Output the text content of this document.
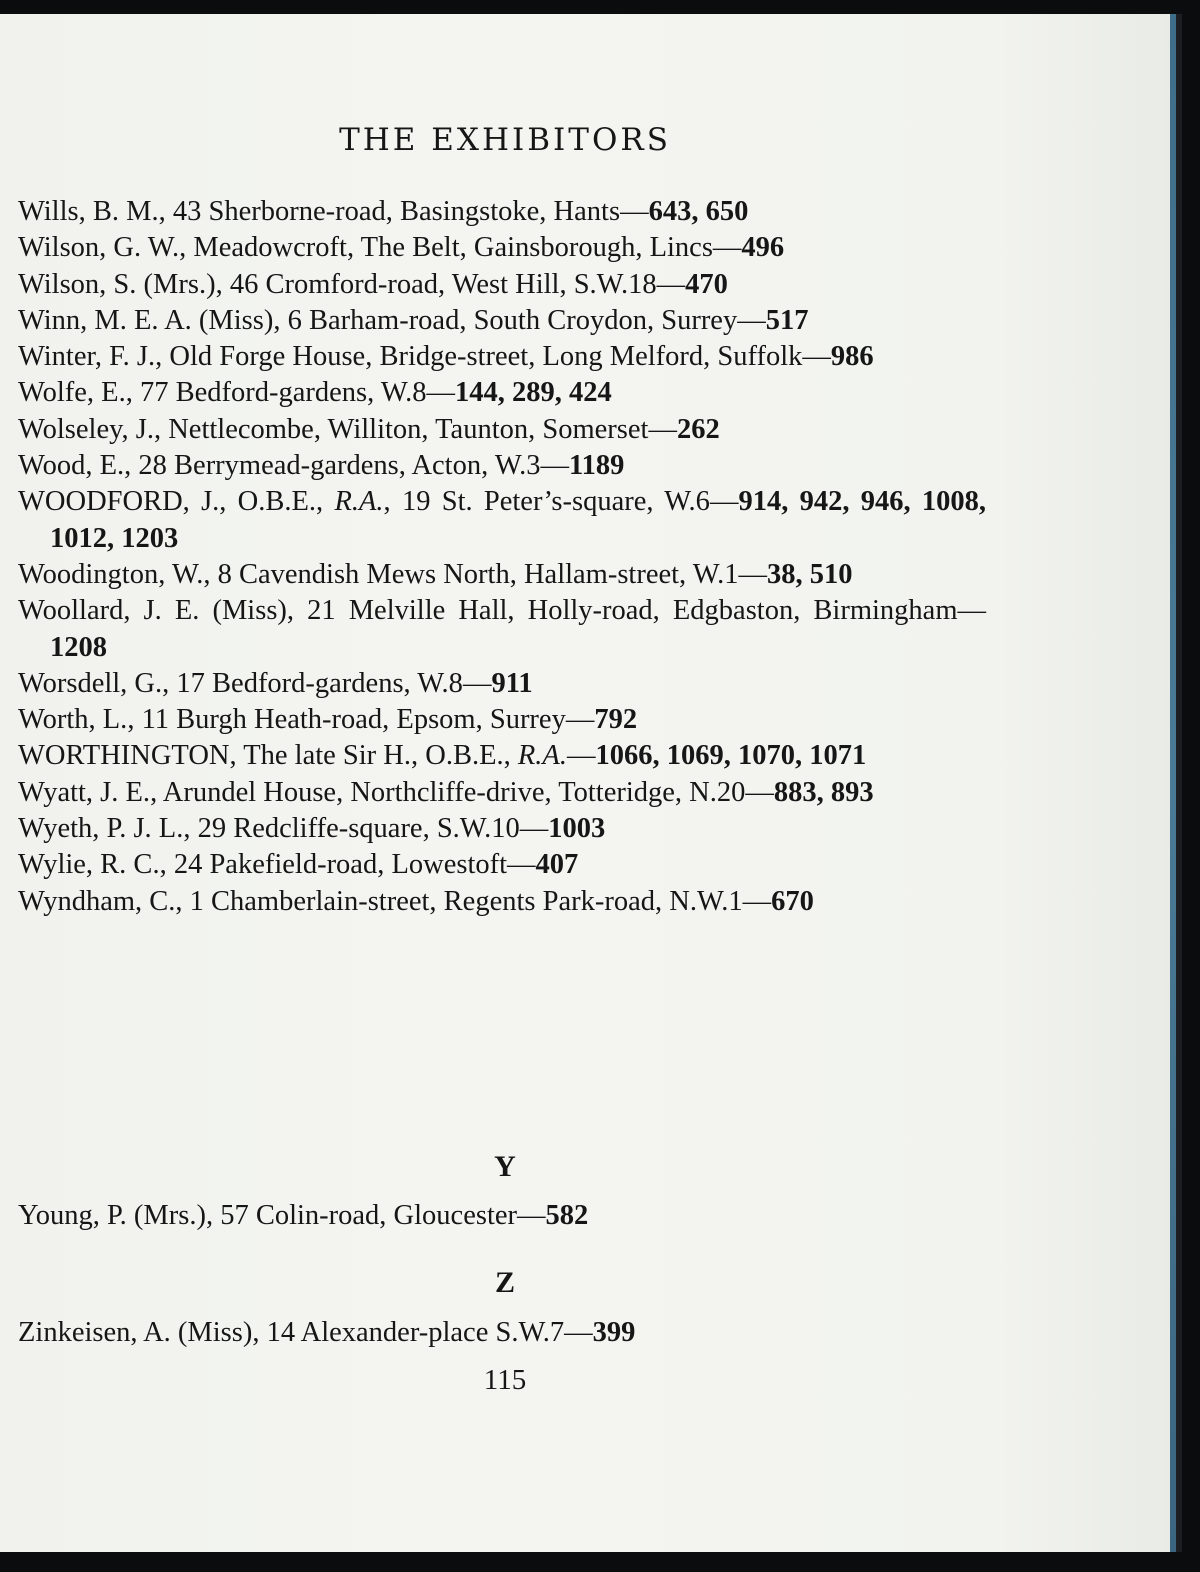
THE EXHIBITORS
Wills, B. M., 43 Sherborne-road, Basingstoke, Hants—643, 650
Wilson, G. W., Meadowcroft, The Belt, Gainsborough, Lincs—496
Wilson, S. (Mrs.), 46 Cromford-road, West Hill, S.W.18—470
Winn, M. E. A. (Miss), 6 Barham-road, South Croydon, Surrey—517
Winter, F. J., Old Forge House, Bridge-street, Long Melford, Suffolk—986
Wolfe, E., 77 Bedford-gardens, W.8—144, 289, 424
Wolseley, J., Nettlecombe, Williton, Taunton, Somerset—262
Wood, E., 28 Berrymead-gardens, Acton, W.3—1189
WOODFORD, J., O.B.E., R.A., 19 St. Peter’s-square, W.6—914, 942, 946, 1008, 1012, 1203
Woodington, W., 8 Cavendish Mews North, Hallam-street, W.1—38, 510
Woollard, J. E. (Miss), 21 Melville Hall, Holly-road, Edgbaston, Birmingham—1208
Worsdell, G., 17 Bedford-gardens, W.8—911
Worth, L., 11 Burgh Heath-road, Epsom, Surrey—792
WORTHINGTON, The late Sir H., O.B.E., R.A.—1066, 1069, 1070, 1071
Wyatt, J. E., Arundel House, Northcliffe-drive, Totteridge, N.20—883, 893
Wyeth, P. J. L., 29 Redcliffe-square, S.W.10—1003
Wylie, R. C., 24 Pakefield-road, Lowestoft—407
Wyndham, C., 1 Chamberlain-street, Regents Park-road, N.W.1—670
Y
Young, P. (Mrs.), 57 Colin-road, Gloucester—582
Z
Zinkeisen, A. (Miss), 14 Alexander-place S.W.7—399
115
